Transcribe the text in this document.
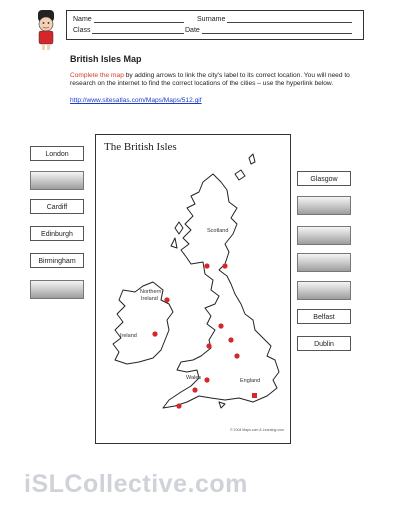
Name	Surname
Class	Date
British Isles Map
Complete the map by adding arrows to link the city's label to its correct location. You will need to research on the internet to find the correct locations of the cities – use the hyperlink below.
http://www.sitesatlas.com/Maps/Maps/512.gif
The British Isles
Scotland
Northern
Ireland
Ireland
Wales	England
© 2004 Maps.com & Learning.com
London
Cardiff
Edinburgh
Birmingham
Glasgow
Belfast
Dublin
iSLCollective.com
